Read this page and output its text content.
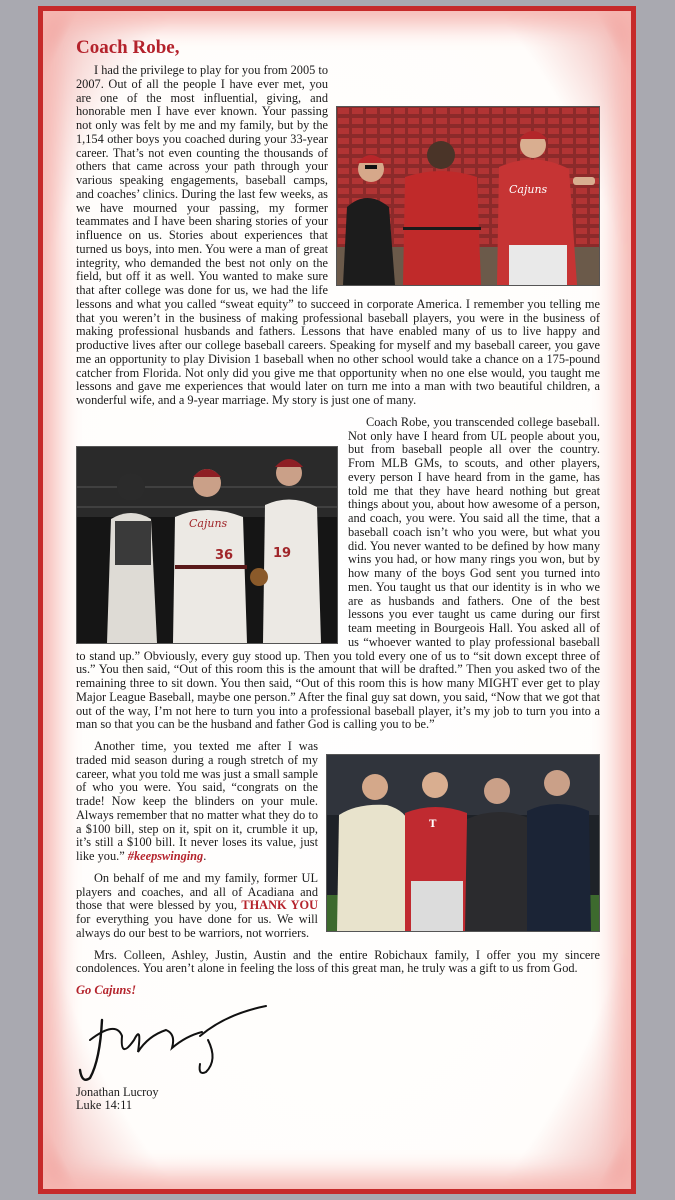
Coach Robe,
Cajuns

I had the privilege to play for you from 2005 to 2007. Out of all the people I have ever met, you are one of the most influential, giving, and honorable men I have ever known. Your passing not only was felt by me and my family, but by the 1,154 other boys you coached during your 33-year career. That’s not even counting the thousands of others that came across your path through your various speaking engagements, baseball camps, and coaches’ clinics. During the last few weeks, as we have mourned your passing, my former teammates and I have been sharing stories of your influence on us. Stories about experiences that turned us boys, into men. You were a man of great integrity, who demanded the best not only on the field, but off it as well. You wanted to make sure that after college was done for us, we had the life lessons and what you called “sweat equity” to succeed in corporate America. I remember you telling me that you weren’t in the business of making professional baseball players, you were in the business of making professional husbands and fathers. Lessons that have enabled many of us to live happy and productive lives after our college baseball careers. Speaking for myself and my baseball career, you gave me an opportunity to play Division 1 baseball when no other school would take a chance on a 175-pound catcher from Florida. Not only did you give me that opportunity when no one else would, you taught me lessons and gave me experiences that would later on turn me into a man with two beautiful children, a wonderful wife, and a 9-year marriage. My story is just one of many.

Cajuns
36	19

Coach Robe, you transcended college baseball. Not only have I heard from UL people about you, but from baseball people all over the country. From MLB GMs, to scouts, and other players, every person I have heard from in the game, has told me that they have heard nothing but great things about you, about how awesome of a person, and coach, you were. You said all the time, that a baseball coach isn’t who you were, but what you did. You never wanted to be defined by how many wins you had, or how many rings you won, but by how many of the boys God sent you turned into men. You taught us that our identity is in who we are as husbands and fathers. One of the best lessons you ever taught us came during our first team meeting in Bourgeois Hall. You asked all of us “whoever wanted to play professional baseball to stand up.” Obviously, every guy stood up. Then you told every one of us to “sit down except three of us.” You then said, “Out of this room this is the amount that will be drafted.” Then you asked two of the remaining three to sit down. You then said, “Out of this room this is how many MIGHT ever get to play Major League Baseball, maybe one person.” After the final guy sat down, you said, “Now that we got that out of the way, I’m not here to turn you into a professional baseball player, it’s my job to turn you into a man so that you can be the husband and father God is calling you to be.”

T

Another time, you texted me after I was traded mid season during a rough stretch of my career, what you told me was just a small sample of who you were. You said, “congrats on the trade! Now keep the blinders on your mule. Always remember that no matter what they do to a $100 bill, step on it, spit on it, crumble it up, it’s still a $100 bill. It never loses its value, just like you.” #keepswinging.

On behalf of me and my family, former UL players and coaches, and all of Acadiana and those that were blessed by you, THANK YOU for everything you have done for us. We will always do our best to be warriors, not worriers.

Mrs. Colleen, Ashley, Justin, Austin and the entire Robichaux family, I offer you my sincere condolences. You aren’t alone in feeling the loss of this great man, he truly was a gift to us from God.

Go Cajuns!
Jonathan Lucroy
Luke 14:11
